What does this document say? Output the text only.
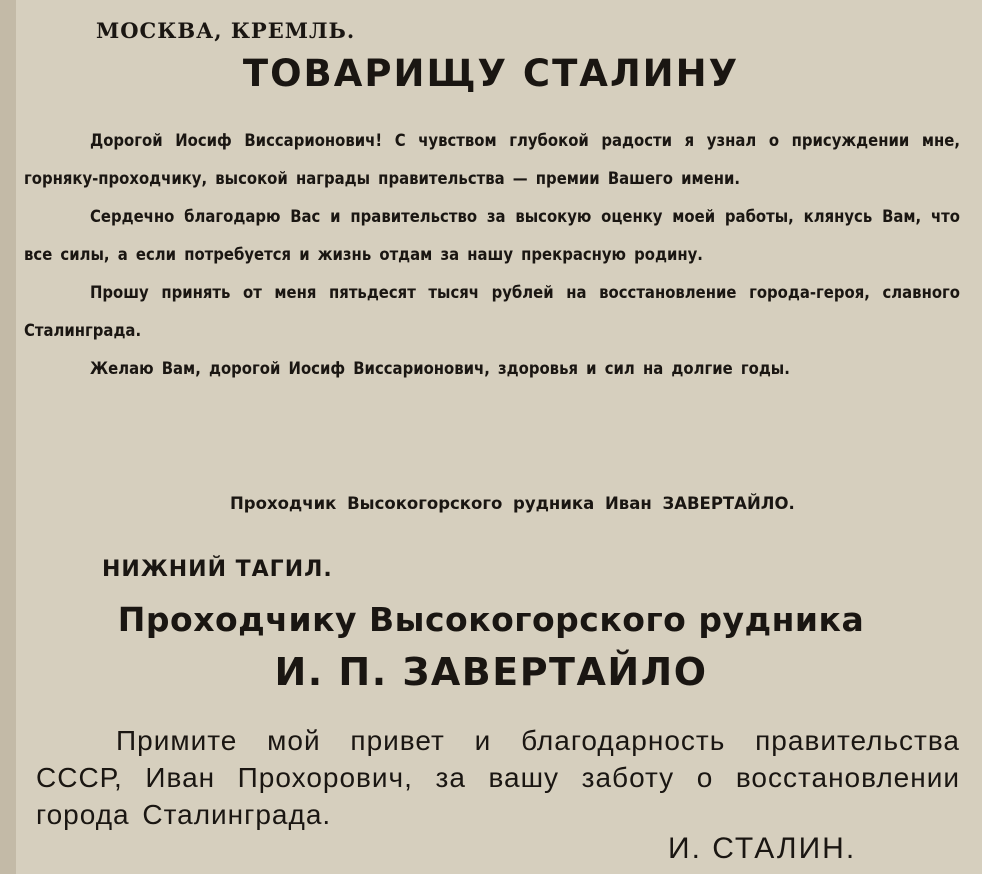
МОСКВА, КРЕМЛЬ.
ТОВАРИЩУ СТАЛИНУ

Дорогой Иосиф Виссарионович! С чувством глубокой радости я узнал о присуждении мне, горняку-проходчику, высокой награды правительства — премии Вашего имени.

Сердечно благодарю Вас и правительство за высокую оценку моей работы, клянусь Вам, что все силы, а если потребуется и жизнь отдам за нашу прекрасную родину.

Прошу принять от меня пятьдесят тысяч рублей на восстановление города-героя, славного Сталинграда.

Желаю Вам, дорогой Иосиф Виссарионович, здоровья и сил на долгие годы.

Проходчик Высокогорского рудника Иван ЗАВЕРТАЙЛО.
НИЖНИЙ ТАГИЛ.
Проходчику Высокогорского рудника
И. П. ЗАВЕРТАЙЛО

Примите мой привет и благодарность правительства СССР, Иван Прохорович, за вашу заботу о восстановлении города Сталинграда.

И. СТАЛИН.
